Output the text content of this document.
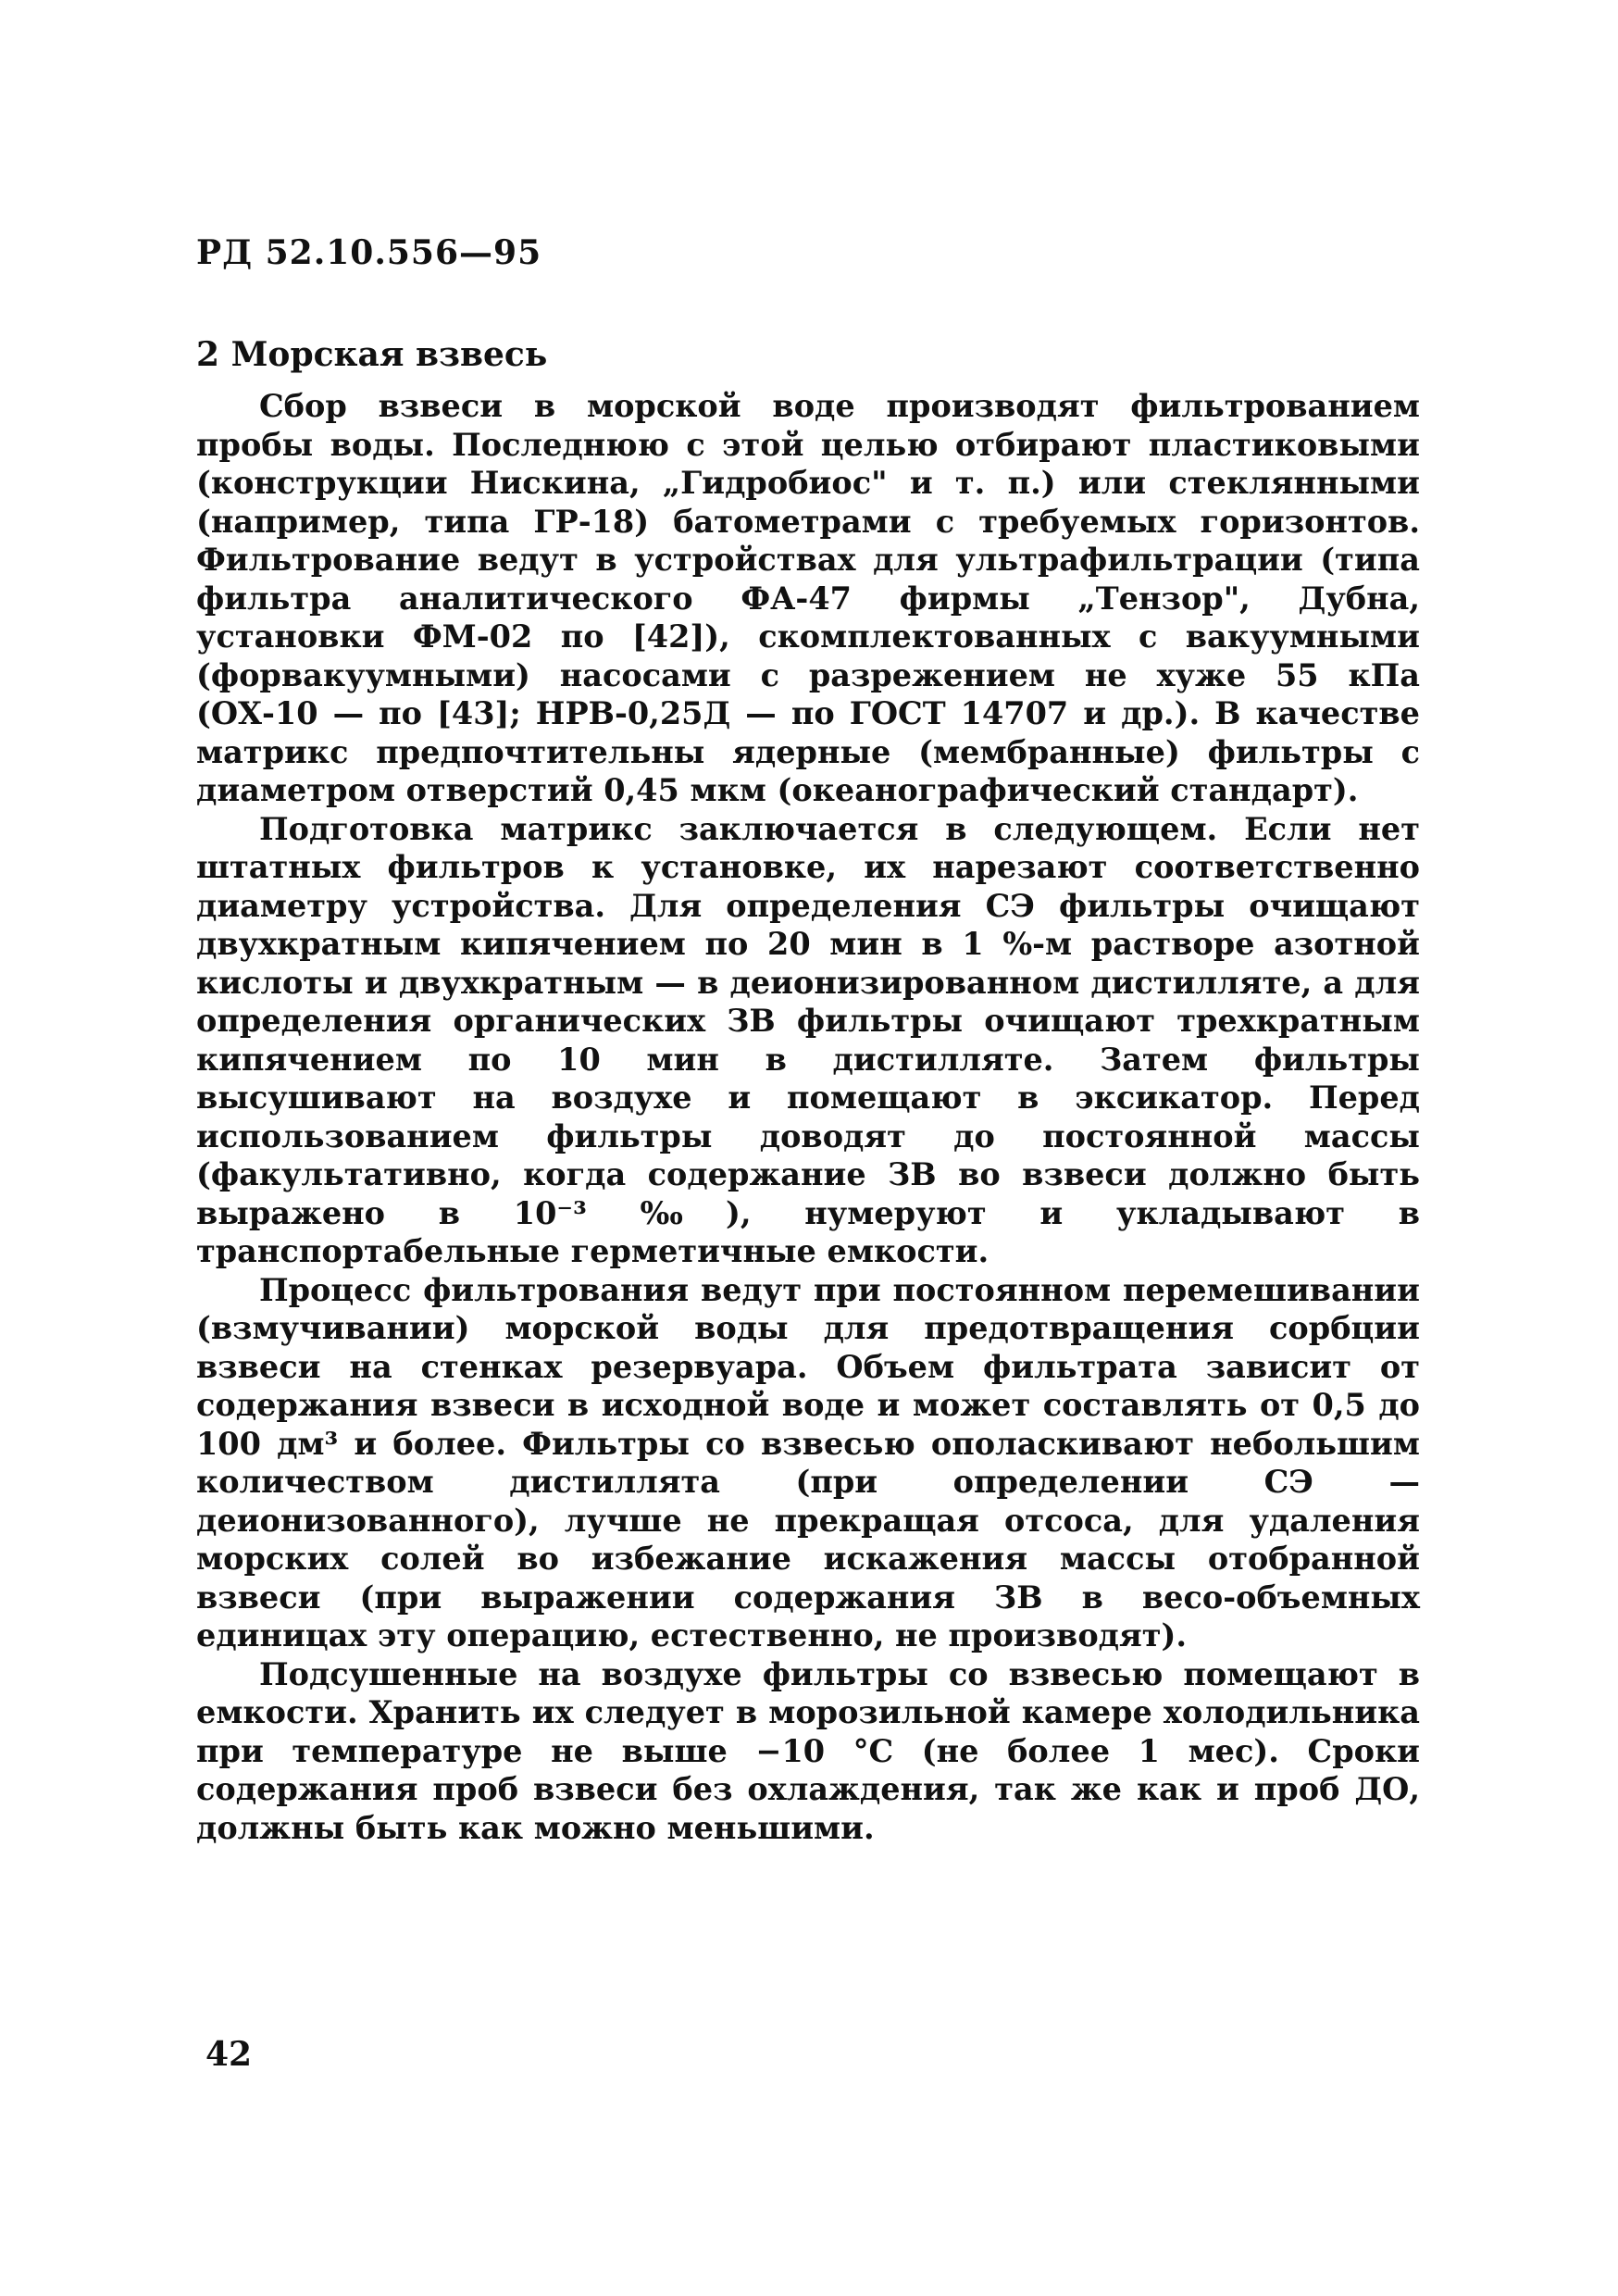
РД 52.10.556—95
2 Морская взвесь

Сбор взвеси в морской воде производят фильтрованием пробы воды. Последнюю с этой целью отбирают пластиковыми (конструкции Нискина, „Гидробиос" и т. п.) или стеклянными (например, типа ГР-18) батометрами с требуемых горизонтов. Фильтрование ведут в устройствах для ультрафильтрации (типа фильтра аналитического ФА-47 фирмы „Тензор", Дубна, установки ФМ-02 по [42]), скомплектованных с вакуумными (форвакуумными) насосами с разрежением не хуже 55 кПа (ОХ-10 — по [43]; НРВ-0,25Д — по ГОСТ 14707 и др.). В качестве матрикс предпочтительны ядерные (мембранные) фильтры с диаметром отверстий 0,45 мкм (океанографический стандарт).

Подготовка матрикс заключается в следующем. Если нет штатных фильтров к установке, их нарезают соответственно диаметру устройства. Для определения СЭ фильтры очищают двухкратным кипячением по 20 мин в 1 %-м растворе азотной кислоты и двухкратным — в деионизированном дистилляте, а для определения органических ЗВ фильтры очищают трехкратным кипячением по 10 мин в дистилляте. Затем фильтры высушивают на воздухе и помещают в эксикатор. Перед использованием фильтры доводят до постоянной массы (факультативно, когда содержание ЗВ во взвеси должно быть выражено в 10⁻³ ‰), нумеруют и укладывают в транспортабельные герметичные емкости.

Процесс фильтрования ведут при постоянном перемешивании (взмучивании) морской воды для предотвращения сорбции взвеси на стенках резервуара. Объем фильтрата зависит от содержания взвеси в исходной воде и может составлять от 0,5 до 100 дм³ и более. Фильтры со взвесью ополаскивают небольшим количеством дистиллята (при определении СЭ — деионизованного), лучше не прекращая отсоса, для удаления морских солей во избежание искажения массы отобранной взвеси (при выражении содержания ЗВ в весо-объемных единицах эту операцию, естественно, не производят).

Подсушенные на воздухе фильтры со взвесью помещают в емкости. Хранить их следует в морозильной камере холодильника при температуре не выше −10 °С (не более 1 мес). Сроки содержания проб взвеси без охлаждения, так же как и проб ДО, должны быть как можно меньшими.

42
